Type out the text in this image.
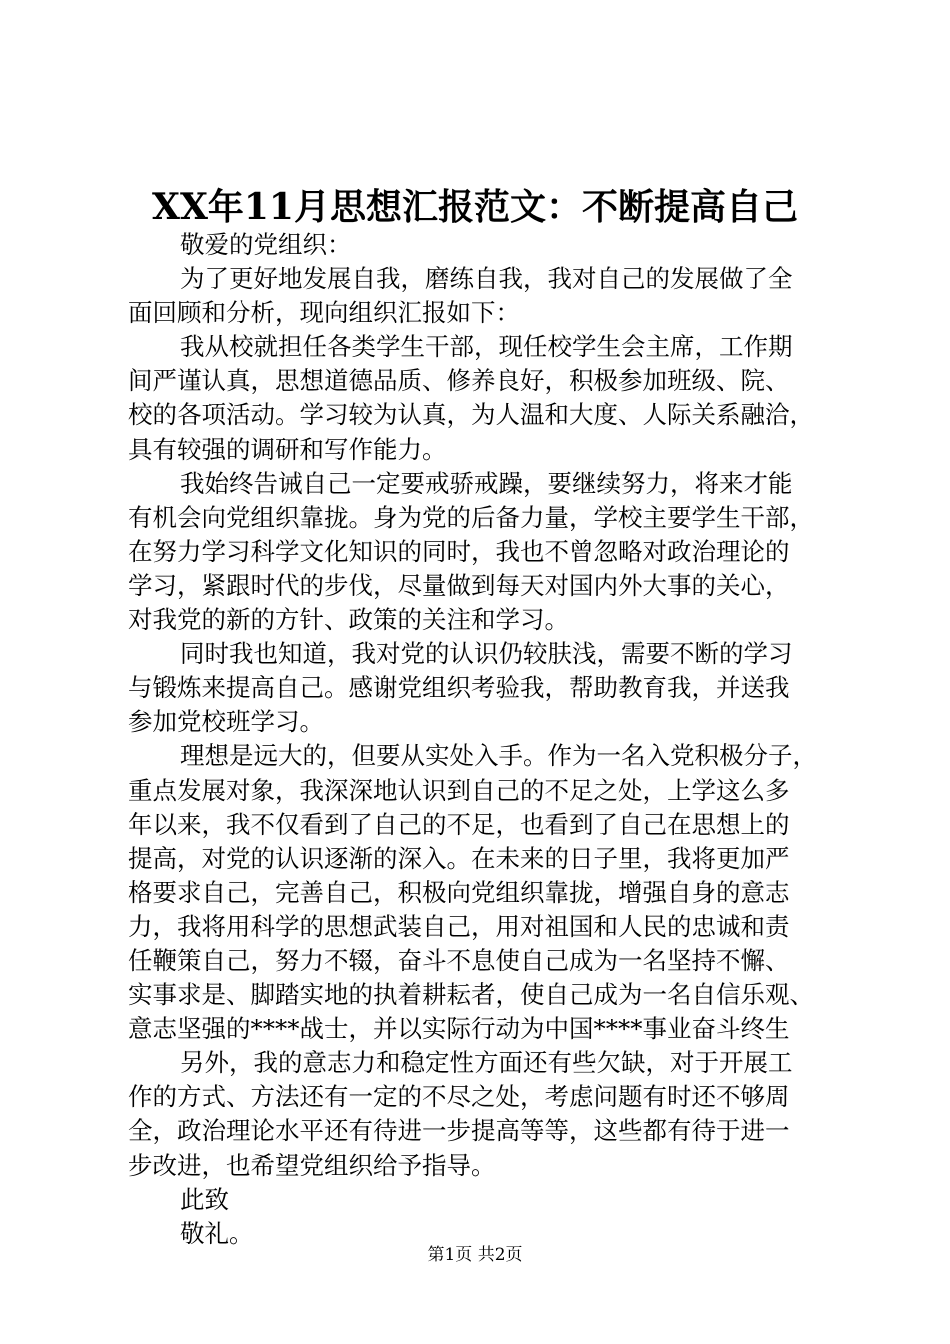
XX年11月思想汇报范文：不断提高自己
敬爱的党组织：
为了更好地发展自我，磨练自我，我对自己的发展做了全
面回顾和分析，现向组织汇报如下：
我从校就担任各类学生干部，现任校学生会主席，工作期
间严谨认真，思想道德品质、修养良好，积极参加班级、院、
校的各项活动。学习较为认真，为人温和大度、人际关系融洽，
具有较强的调研和写作能力。
我始终告诫自己一定要戒骄戒躁，要继续努力，将来才能
有机会向党组织靠拢。身为党的后备力量，学校主要学生干部，
在努力学习科学文化知识的同时，我也不曾忽略对政治理论的
学习，紧跟时代的步伐，尽量做到每天对国内外大事的关心，
对我党的新的方针、政策的关注和学习。
同时我也知道，我对党的认识仍较肤浅，需要不断的学习
与锻炼来提高自己。感谢党组织考验我，帮助教育我，并送我
参加党校班学习。
理想是远大的，但要从实处入手。作为一名入党积极分子，
重点发展对象，我深深地认识到自己的不足之处，上学这么多
年以来，我不仅看到了自己的不足，也看到了自己在思想上的
提高，对党的认识逐渐的深入。在未来的日子里，我将更加严
格要求自己，完善自己，积极向党组织靠拢，增强自身的意志
力，我将用科学的思想武装自己，用对祖国和人民的忠诚和责
任鞭策自己，努力不辍，奋斗不息使自己成为一名坚持不懈、
实事求是、脚踏实地的执着耕耘者，使自己成为一名自信乐观、
意志坚强的****战士，并以实际行动为中国****事业奋斗终生
另外，我的意志力和稳定性方面还有些欠缺，对于开展工
作的方式、方法还有一定的不尽之处，考虑问题有时还不够周
全，政治理论水平还有待进一步提高等等，这些都有待于进一
步改进，也希望党组织给予指导。
此致
敬礼。
第1页 共2页
